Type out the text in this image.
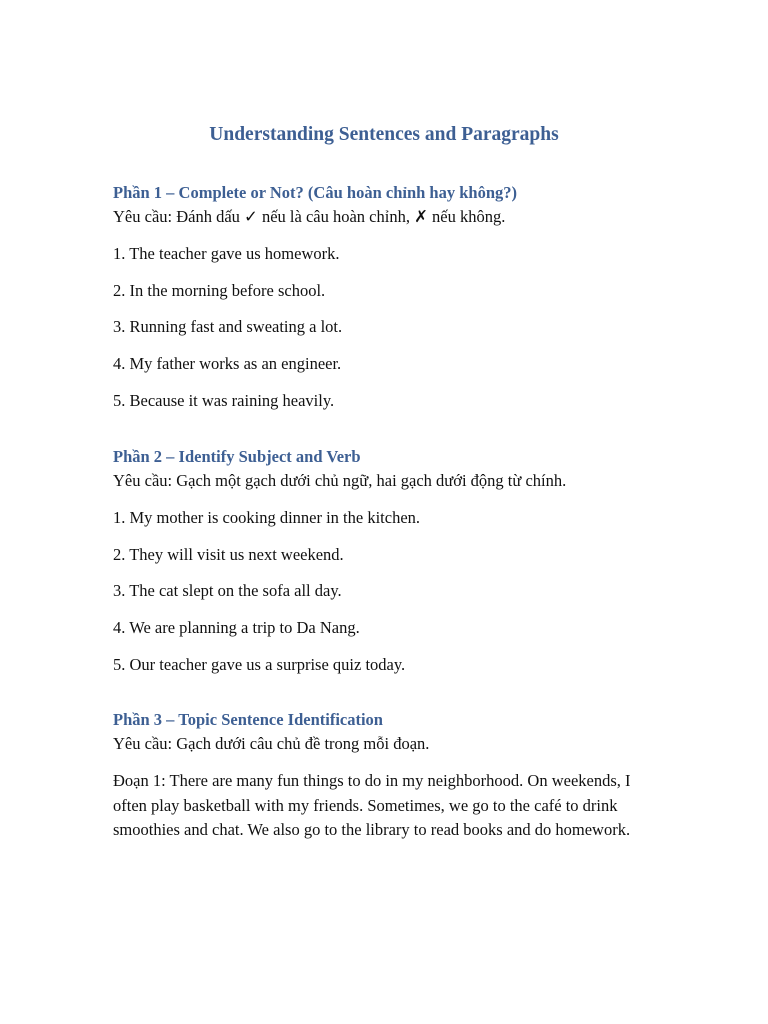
Understanding Sentences and Paragraphs
Phần 1 – Complete or Not? (Câu hoàn chỉnh hay không?)
Yêu cầu: Đánh dấu ✓ nếu là câu hoàn chỉnh, ✗ nếu không.
1. The teacher gave us homework.
2. In the morning before school.
3. Running fast and sweating a lot.
4. My father works as an engineer.
5. Because it was raining heavily.
Phần 2 – Identify Subject and Verb
Yêu cầu: Gạch một gạch dưới chủ ngữ, hai gạch dưới động từ chính.
1. My mother is cooking dinner in the kitchen.
2. They will visit us next weekend.
3. The cat slept on the sofa all day.
4. We are planning a trip to Da Nang.
5. Our teacher gave us a surprise quiz today.
Phần 3 – Topic Sentence Identification
Yêu cầu: Gạch dưới câu chủ đề trong mỗi đoạn.
Đoạn 1: There are many fun things to do in my neighborhood. On weekends, I often play basketball with my friends. Sometimes, we go to the café to drink smoothies and chat. We also go to the library to read books and do homework.
